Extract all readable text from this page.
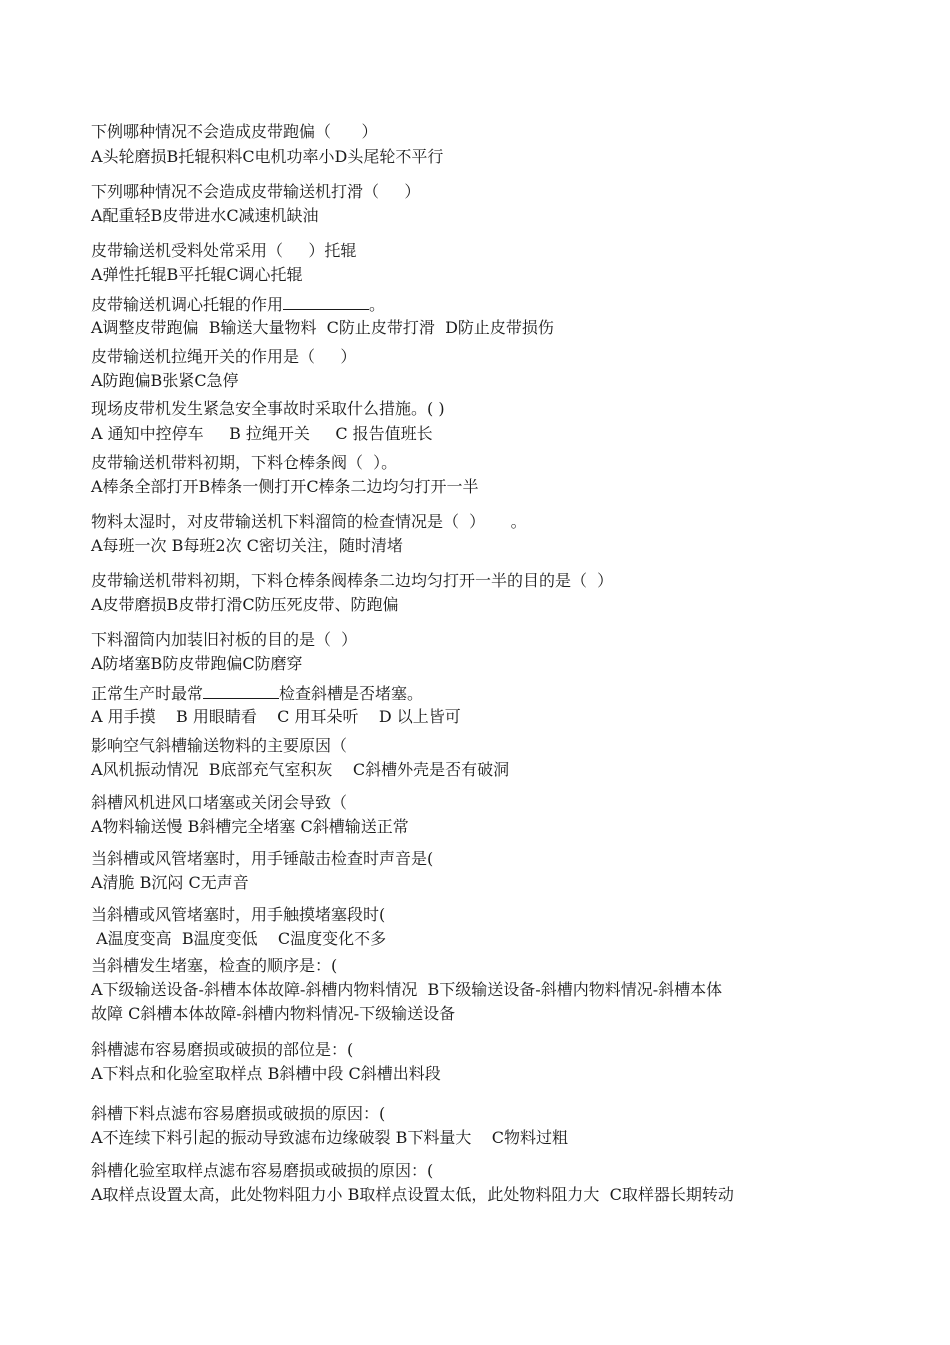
下例哪种情况不会造成皮带跑偏（      ）
A头轮磨损B托辊积料C电机功率小D头尾轮不平行
下列哪种情况不会造成皮带输送机打滑（     ）
A配重轻B皮带进水C减速机缺油
皮带输送机受料处常采用（     ）托辊
A弹性托辊B平托辊C调心托辊
皮带输送机调心托辊的作用	。
A调整皮带跑偏  B输送大量物料  C防止皮带打滑  D防止皮带损伤
皮带输送机拉绳开关的作用是（     ）
A防跑偏B张紧C急停
现场皮带机发生紧急安全事故时采取什么措施。( )
A 通知中控停车     B 拉绳开关     C 报告值班长
皮带输送机带料初期，下料仓棒条阀（  ）。
A棒条全部打开B棒条一侧打开C棒条二边均匀打开一半
物料太湿时，对皮带输送机下料溜筒的检查情况是（  ）     。
A每班一次 B每班2次 C密切关注，随时清堵
皮带输送机带料初期，下料仓棒条阀棒条二边均匀打开一半的目的是（  ）
A皮带磨损B皮带打滑C防压死皮带、防跑偏
下料溜筒内加装旧衬板的目的是（  ）
A防堵塞B防皮带跑偏C防磨穿
正常生产时最常	检查斜槽是否堵塞。
A 用手摸    B 用眼睛看    C 用耳朵听    D 以上皆可
影响空气斜槽输送物料的主要原因（
A风机振动情况  B底部充气室积灰    C斜槽外壳是否有破洞
斜槽风机进风口堵塞或关闭会导致（
A物料输送慢 B斜槽完全堵塞 C斜槽输送正常
当斜槽或风管堵塞时，用手锤敲击检查时声音是(
A清脆 B沉闷 C无声音
当斜槽或风管堵塞时，用手触摸堵塞段时(
A温度变高  B温度变低    C温度变化不多
当斜槽发生堵塞，检查的顺序是：(
A下级输送设备-斜槽本体故障-斜槽内物料情况  B下级输送设备-斜槽内物料情况-斜槽本体
故障 C斜槽本体故障-斜槽内物料情况-下级输送设备
斜槽滤布容易磨损或破损的部位是：(
A下料点和化验室取样点 B斜槽中段 C斜槽出料段
斜槽下料点滤布容易磨损或破损的原因：(
A不连续下料引起的振动导致滤布边缘破裂 B下料量大    C物料过粗
斜槽化验室取样点滤布容易磨损或破损的原因：(
A取样点设置太高，此处物料阻力小 B取样点设置太低，此处物料阻力大  C取样器长期转动
